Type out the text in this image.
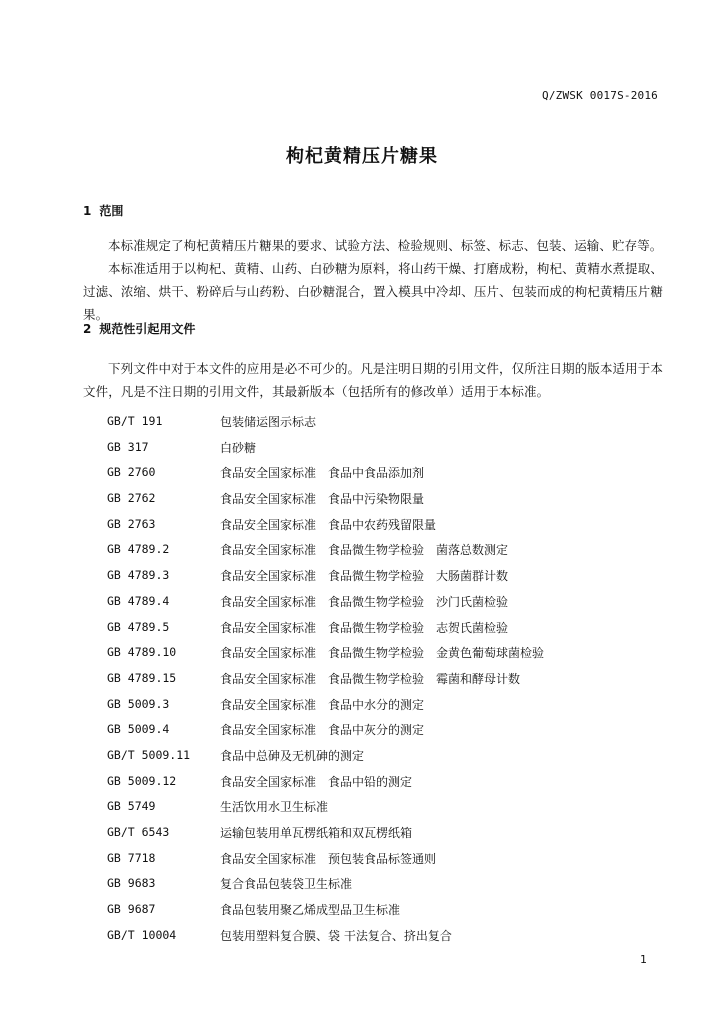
Q/ZWSK 0017S-2016
枸杞黄精压片糖果
1 范围
本标准规定了枸杞黄精压片糖果的要求、试验方法、检验规则、标签、标志、包装、运输、贮存等。
本标准适用于以枸杞、黄精、山药、白砂糖为原料，将山药干燥、打磨成粉，枸杞、黄精水煮提取、过滤、浓缩、烘干、粉碎后与山药粉、白砂糖混合，置入模具中冷却、压片、包装而成的枸杞黄精压片糖果。
2 规范性引起用文件
下列文件中对于本文件的应用是必不可少的。凡是注明日期的引用文件，仅所注日期的版本适用于本文件，凡是不注日期的引用文件，其最新版本（包括所有的修改单）适用于本标准。
GB/T 191	包装储运图示标志
GB 317	白砂糖
GB 2760	食品安全国家标准　食品中食品添加剂
GB 2762	食品安全国家标准　食品中污染物限量
GB 2763	食品安全国家标准　食品中农药残留限量
GB 4789.2	食品安全国家标准　食品微生物学检验　菌落总数测定
GB 4789.3	食品安全国家标准　食品微生物学检验　大肠菌群计数
GB 4789.4	食品安全国家标准　食品微生物学检验　沙门氏菌检验
GB 4789.5	食品安全国家标准　食品微生物学检验　志贺氏菌检验
GB 4789.10	食品安全国家标准　食品微生物学检验　金黄色葡萄球菌检验
GB 4789.15	食品安全国家标准　食品微生物学检验　霉菌和酵母计数
GB 5009.3	食品安全国家标准　食品中水分的测定
GB 5009.4	食品安全国家标准　食品中灰分的测定
GB/T 5009.11 食品中总砷及无机砷的测定
GB 5009.12	食品安全国家标准　食品中铅的测定
GB 5749	生活饮用水卫生标准
GB/T 6543	运输包装用单瓦楞纸箱和双瓦楞纸箱
GB 7718	食品安全国家标准　预包装食品标签通则
GB 9683	复合食品包装袋卫生标准
GB 9687	食品包装用聚乙烯成型品卫生标准
GB/T 10004	包装用塑料复合膜、袋 干法复合、挤出复合
1
